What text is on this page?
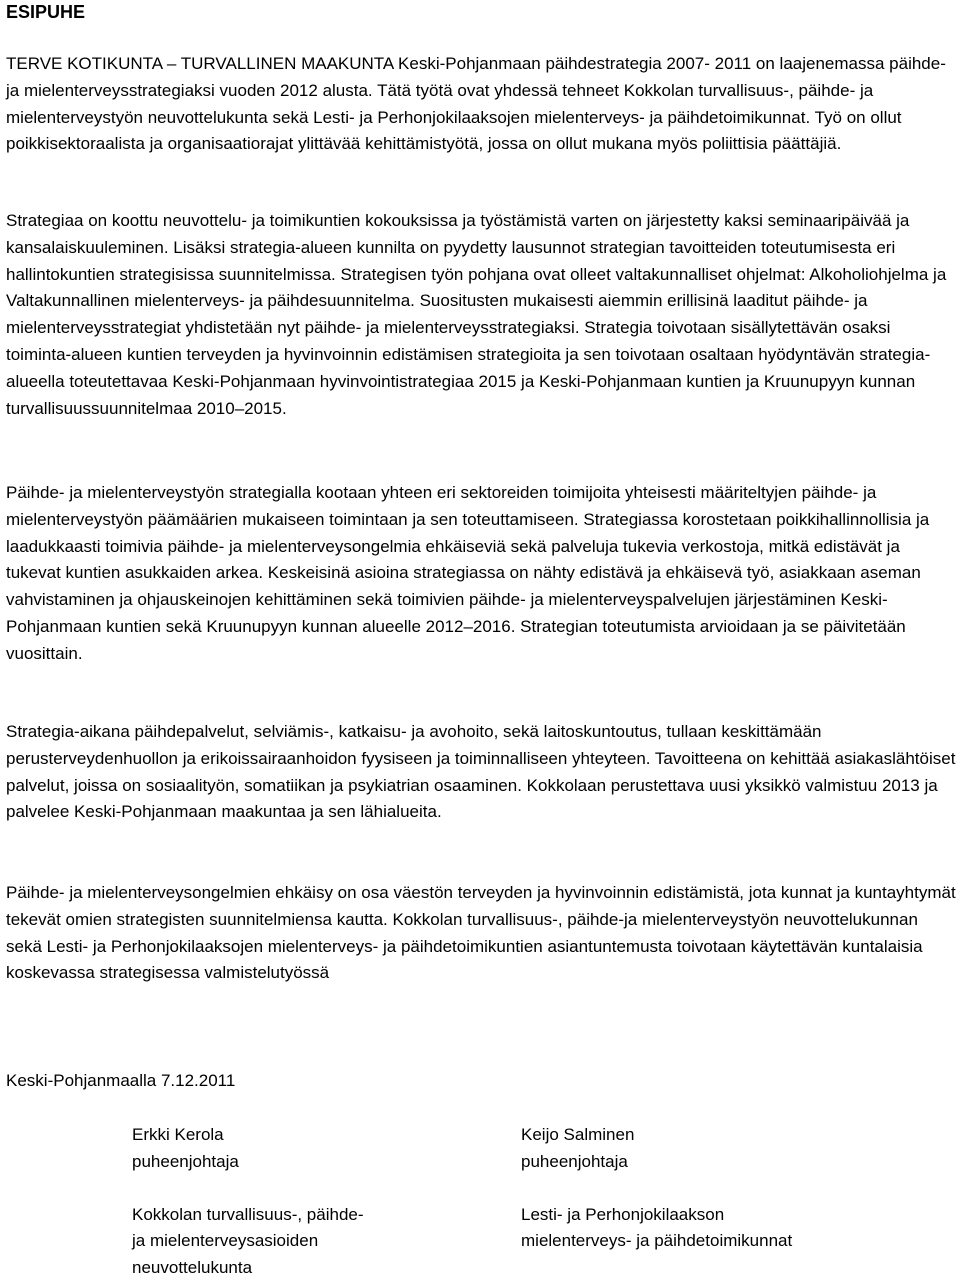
ESIPUHE

TERVE KOTIKUNTA – TURVALLINEN MAAKUNTA Keski-Pohjanmaan päihdestrategia 2007- 2011 on laajenemassa päihde- ja mielenterveysstrategiaksi vuoden 2012 alusta. Tätä työtä ovat yhdessä tehneet Kokkolan turvallisuus-, päihde- ja mielenterveystyön neuvottelukunta sekä Lesti- ja Perhonjokilaaksojen mielenterveys- ja päihdetoimikunnat. Työ on ollut poikkisektoraalista ja organisaatiorajat ylittävää kehittämistyötä, jossa on ollut mukana myös poliittisia päättäjiä.

Strategiaa on koottu neuvottelu- ja toimikuntien kokouksissa ja työstämistä varten on järjestetty kaksi seminaaripäivää ja kansalaiskuuleminen. Lisäksi strategia-alueen kunnilta on pyydetty lausunnot strategian tavoitteiden toteutumisesta eri hallintokuntien strategisissa suunnitelmissa. Strategisen työn pohjana ovat olleet valtakunnalliset ohjelmat: Alkoholiohjelma ja Valtakunnallinen mielenterveys- ja päihdesuunnitelma. Suositusten mukaisesti aiemmin erillisinä laaditut päihde- ja mielenterveysstrategiat yhdistetään nyt päihde- ja mielenterveysstrategiaksi. Strategia toivotaan sisällytettävän osaksi toiminta-alueen kuntien terveyden ja hyvinvoinnin edistämisen strategioita ja sen toivotaan osaltaan hyödyntävän strategia- alueella toteutettavaa Keski-Pohjanmaan hyvinvointistrategiaa 2015 ja Keski-Pohjanmaan kuntien ja Kruunupyyn kunnan turvallisuussuunnitelmaa 2010–2015.

Päihde- ja mielenterveystyön strategialla kootaan yhteen eri sektoreiden toimijoita yhteisesti määriteltyjen päihde- ja mielenterveystyön päämäärien mukaiseen toimintaan ja sen toteuttamiseen. Strategiassa korostetaan poikkihallinnollisia ja laadukkaasti toimivia päihde- ja mielenterveysongelmia ehkäiseviä sekä palveluja tukevia verkostoja, mitkä edistävät ja tukevat kuntien asukkaiden arkea. Keskeisinä asioina strategiassa on nähty edistävä ja ehkäisevä työ, asiakkaan aseman vahvistaminen ja ohjauskeinojen kehittäminen sekä toimivien päihde- ja mielenterveyspalvelujen järjestäminen Keski-Pohjanmaan kuntien sekä Kruunupyyn kunnan alueelle 2012–2016. Strategian toteutumista arvioidaan ja se päivitetään vuosittain.

Strategia-aikana päihdepalvelut, selviämis-, katkaisu- ja avohoito, sekä laitoskuntoutus, tullaan keskittämään perusterveydenhuollon ja erikoissairaanhoidon fyysiseen ja toiminnalliseen yhteyteen. Tavoitteena on kehittää asiakaslähtöiset palvelut, joissa on sosiaalityön, somatiikan ja psykiatrian osaaminen. Kokkolaan perustettava uusi yksikkö valmistuu 2013 ja palvelee Keski-Pohjanmaan maakuntaa ja sen lähialueita.

Päihde- ja mielenterveysongelmien ehkäisy on osa väestön terveyden ja hyvinvoinnin edistämistä, jota kunnat ja kuntayhtymät tekevät omien strategisten suunnitelmiensa kautta. Kokkolan turvallisuus-, päihde-ja mielenterveystyön neuvottelukunnan sekä Lesti- ja Perhonjokilaaksojen mielenterveys- ja päihdetoimikuntien asiantuntemusta toivotaan käytettävän kuntalaisia koskevassa strategisessa valmistelutyössä

Keski-Pohjanmaalla 7.12.2011

Erkki Kerola
puheenjohtaja
Kokkolan turvallisuus-, päihde-
ja mielenterveysasioiden
neuvottelukunta
Keijo Salminen
puheenjohtaja
Lesti- ja Perhonjokilaakson
mielenterveys- ja päihdetoimikunnat
